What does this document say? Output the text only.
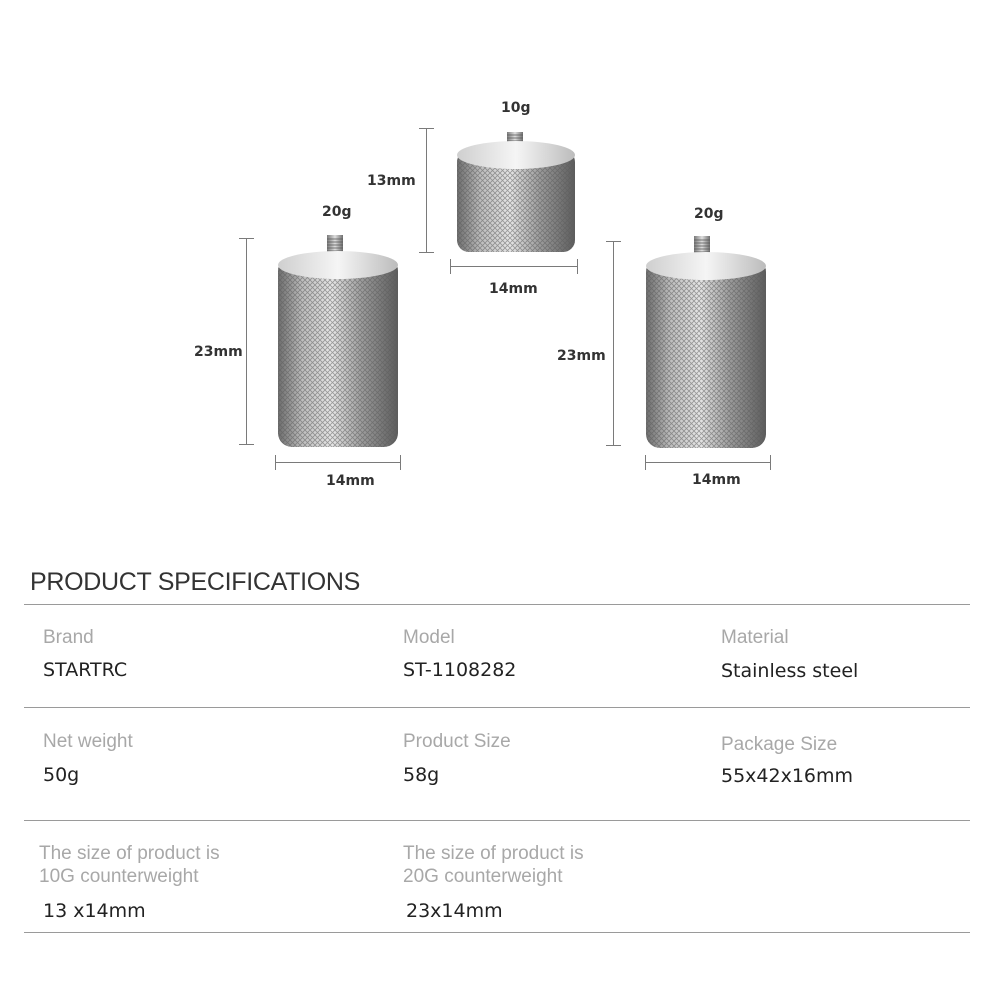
10g
13mm
14mm
20g
23mm
14mm
20g
23mm
14mm
PRODUCT SPECIFICATIONS
Brand
STARTRC
Model
ST-1108282
Material
Stainless steel
Net weight
50g
Product Size
58g
Package Size
55x42x16mm
The size of product is
10G counterweight
13 x14mm
The size of product is
20G counterweight
23x14mm
